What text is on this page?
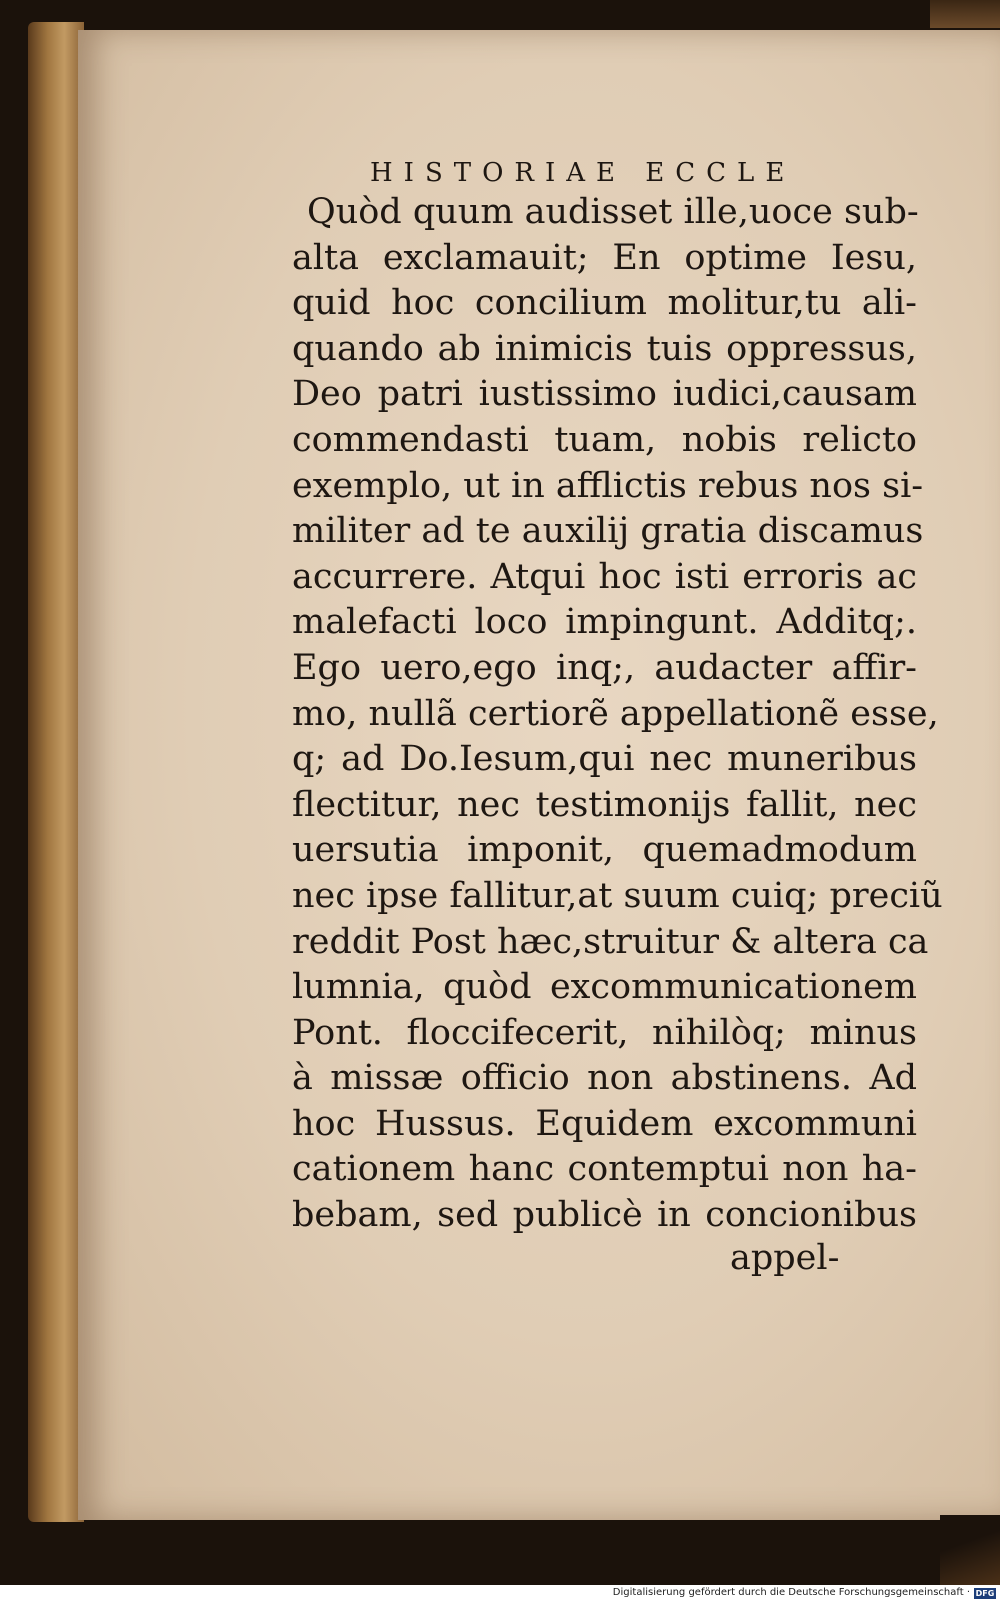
HISTORIAE ECCLE
Quòd quum audisset ille,uoce sub-
alta exclamauit; En optime Iesu,
quid hoc concilium molitur,tu ali-
quando ab inimicis tuis oppressus,
Deo patri iustissimo iudici,causam
commendasti tuam, nobis relicto
exemplo, ut in afflictis rebus nos si-
militer ad te auxilij gratia discamus
accurrere. Atqui hoc isti erroris ac
malefacti loco impingunt. Additq;.
Ego uero,ego inq;, audacter affir-
mo, nullã certiorẽ appellationẽ esse,
q; ad Do.Iesum,qui nec muneribus
flectitur, nec testimonijs fallit, nec
uersutia imponit, quemadmodum
nec ipse fallitur,at suum cuiq; preciũ
reddit Post hæc,struitur & altera ca
lumnia, quòd excommunicationem
Pont. floccifecerit, nihilòq; minus
à missæ officio non abstinens. Ad
hoc Hussus. Equidem excommuni
cationem hanc contemptui non ha-
bebam, sed publicè in concionibus
appel-
Digitalisierung gefördert durch die Deutsche Forschungsgemeinschaft · DFG
